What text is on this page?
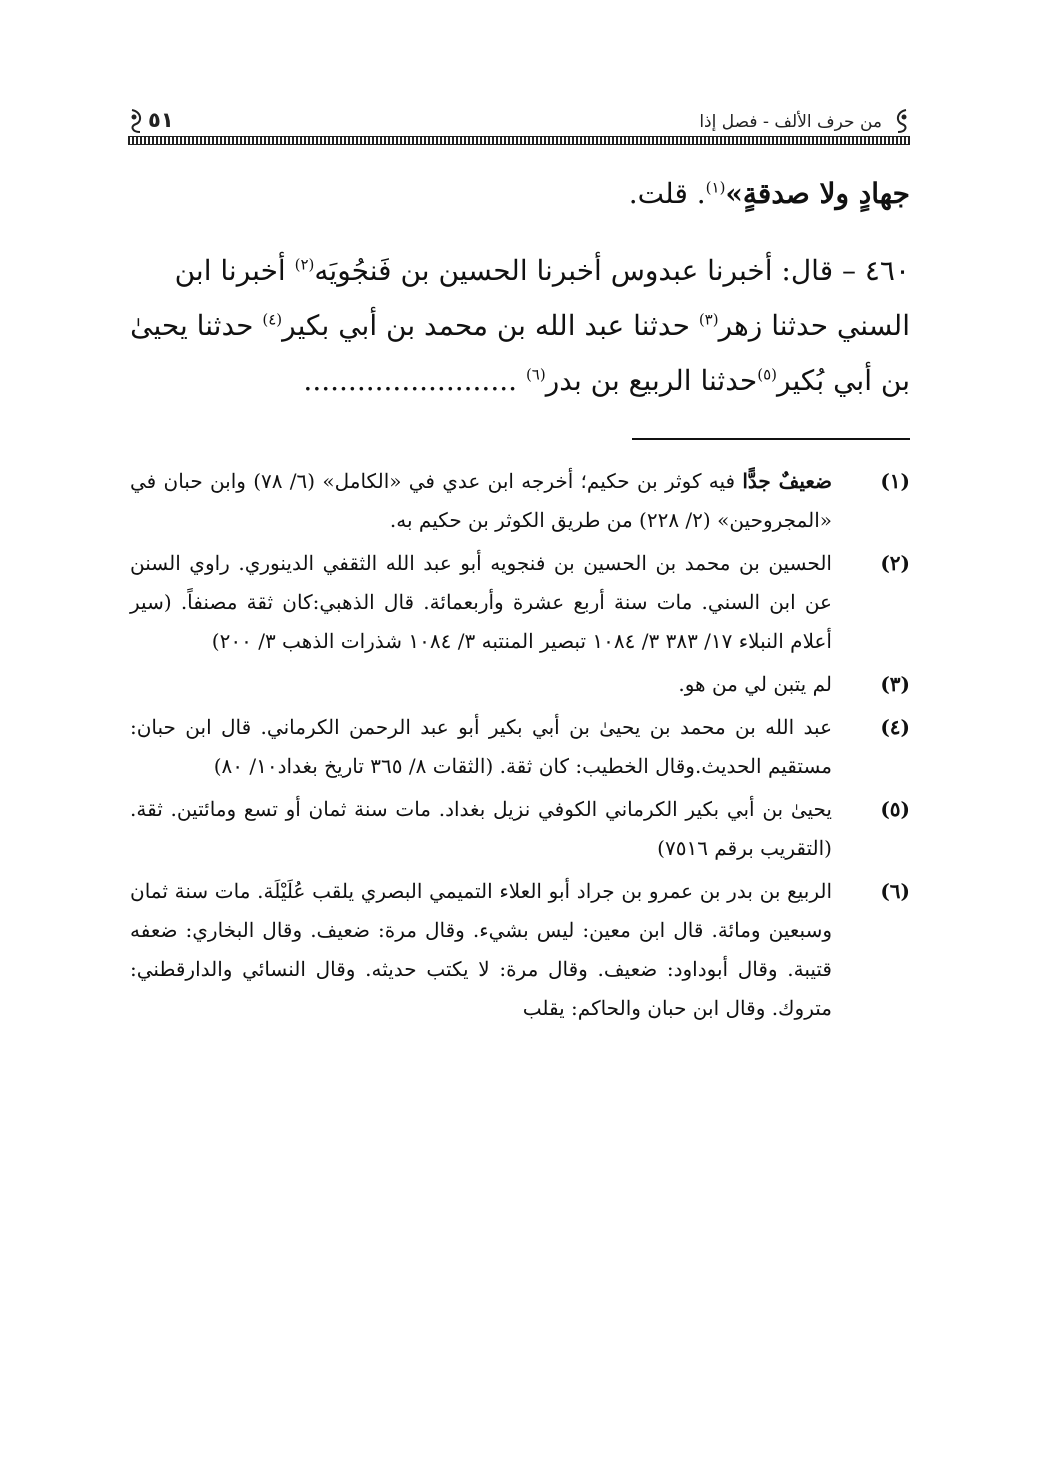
من حرف الألف - فصل إذا
٥١

جهادٍ ولا صدقةٍ»$^{(١)}$. قلت.

٤٦٠ – قال: أخبرنا عبدوس أخبرنا الحسين بن فَنجُويَه$^{(٢)}$ أخبرنا ابن السني حدثنا زهر$^{(٣)}$ حدثنا عبد الله بن محمد بن أبي بكير$^{(٤)}$ حدثنا يحيىٰ بن أبي بُكير$^{(٥)}$حدثنا الربيع بن بدر$^{(٦)}$ ........................

(١)
ضعيفٌ جدًّا فيه كوثر بن حكيم؛ أخرجه ابن عدي في «الكامل» (٦/ ٧٨) وابن حبان في «المجروحين» (٢/ ٢٢٨) من طريق الكوثر بن حكيم به.
(٢)
الحسين بن محمد بن الحسين بن فنجويه أبو عبد الله الثقفي الدينوري. راوي السنن عن ابن السني. مات سنة أربع عشرة وأربعمائة. قال الذهبي:كان ثقة مصنفاً. (سير أعلام النبلاء ١٧/ ٣٨٣ ٣/ ١٠٨٤ تبصير المنتبه ٣/ ١٠٨٤ شذرات الذهب ٣/ ٢٠٠)
(٣)
لم يتبن لي من هو.
(٤)
عبد الله بن محمد بن يحيىٰ بن أبي بكير أبو عبد الرحمن الكرماني. قال ابن حبان: مستقيم الحديث.وقال الخطيب: كان ثقة. (الثقات ٨/ ٣٦٥ تاريخ بغداد١٠/ ٨٠)
(٥)
يحيىٰ بن أبي بكير الكرماني الكوفي نزيل بغداد. مات سنة ثمان أو تسع ومائتين. ثقة.(التقريب برقم ٧٥١٦)
(٦)
الربيع بن بدر بن عمرو بن جراد أبو العلاء التميمي البصري يلقب عُلَيْلَة. مات سنة ثمان وسبعين ومائة. قال ابن معين: ليس بشيء. وقال مرة: ضعيف. وقال البخاري: ضعفه قتيبة. وقال أبوداود: ضعيف. وقال مرة: لا يكتب حديثه. وقال النسائي والدارقطني: متروك. وقال ابن حبان والحاكم: يقلب
